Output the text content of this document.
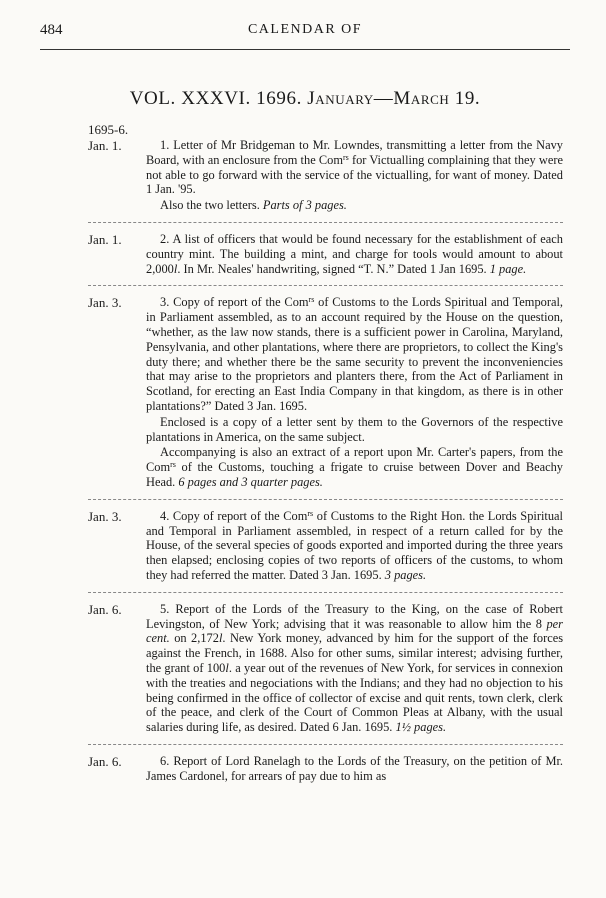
484	CALENDAR OF
VOL. XXXVI. 1696. January—March 19.
1695-6.
Jan. 1.	1. Letter of Mr Bridgeman to Mr. Lowndes, transmitting a letter from the Navy Board, with an enclosure from the Com$^{rs}$ for Victualling complaining that they were not able to go forward with the service of the victualling, for want of money. Dated 1 Jan. '95.

Also the two letters. Parts of 3 pages.

Jan. 1.	2. A list of officers that would be found necessary for the establishment of each country mint. The building a mint, and charge for tools would amount to about 2,000l. In Mr. Neales' handwriting, signed “T. N.” Dated 1 Jan 1695. 1 page.

Jan. 3.	3. Copy of report of the Com$^{rs}$ of Customs to the Lords Spiritual and Temporal, in Parliament assembled, as to an account required by the House on the question, “whether, as the law now stands, there is a sufficient power in Carolina, Maryland, Pensylvania, and other plantations, where there are proprietors, to collect the King's duty there; and whether there be the same security to prevent the inconveniencies that may arise to the proprietors and planters there, from the Act of Parliament in Scotland, for erecting an East India Company in that kingdom, as there is in other plantations?” Dated 3 Jan. 1695.

Enclosed is a copy of a letter sent by them to the Governors of the respective plantations in America, on the same subject.

Accompanying is also an extract of a report upon Mr. Carter's papers, from the Com$^{rs}$ of the Customs, touching a frigate to cruise between Dover and Beachy Head. 6 pages and 3 quarter pages.

Jan. 3.	4. Copy of report of the Com$^{rs}$ of Customs to the Right Hon. the Lords Spiritual and Temporal in Parliament assembled, in respect of a return called for by the House, of the several species of goods exported and imported during the three years then elapsed; enclosing copies of two reports of officers of the customs, to whom they had referred the matter. Dated 3 Jan. 1695. 3 pages.

Jan. 6.	5. Report of the Lords of the Treasury to the King, on the case of Robert Levingston, of New York; advising that it was reasonable to allow him the 8 per cent. on 2,172l. New York money, advanced by him for the support of the forces against the French, in 1688. Also for other sums, similar interest; advising further, the grant of 100l. a year out of the revenues of New York, for services in connexion with the treaties and negociations with the Indians; and they had no objection to his being confirmed in the office of collector of excise and quit rents, town clerk, clerk of the peace, and clerk of the Court of Common Pleas at Albany, with the usual salaries during life, as desired. Dated 6 Jan. 1695. 1½ pages.

Jan. 6.	6. Report of Lord Ranelagh to the Lords of the Treasury, on the petition of Mr. James Cardonel, for arrears of pay due to him as
